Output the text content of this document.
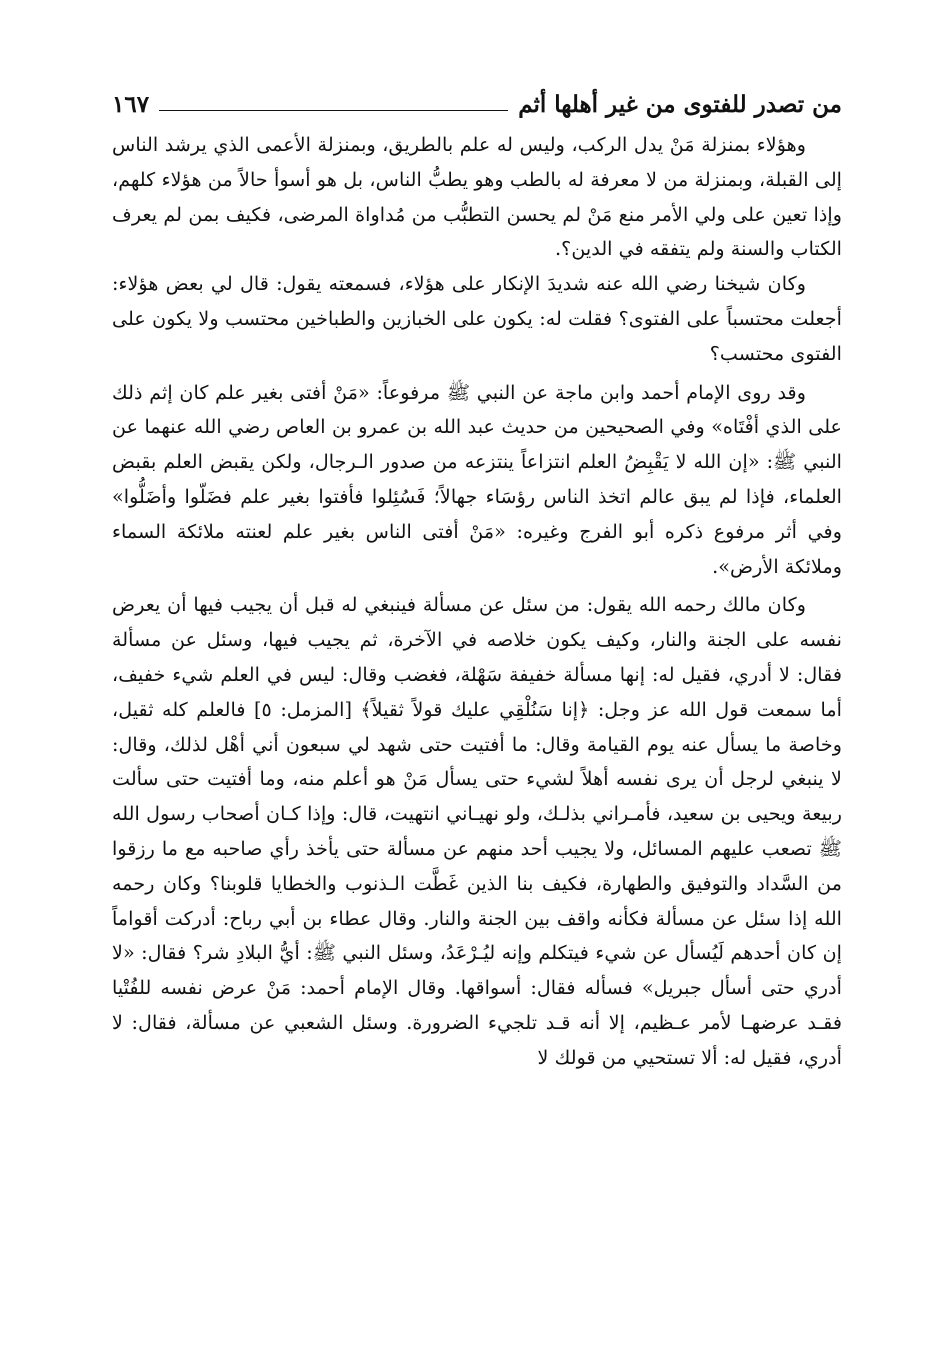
من تصدر للفتوى من غير أهلها أثم
١٦٧

وهؤلاء بمنزلة مَنْ يدل الركب، وليس له علم بالطريق، وبمنزلة الأعمى الذي يرشد الناس إلى القبلة، وبمنزلة من لا معرفة له بالطب وهو يطبُّ الناس، بل هو أسوأ حالاً من هؤلاء كلهم، وإذا تعين على ولي الأمر منع مَنْ لم يحسن التطبُّب من مُداواة المرضى، فكيف بمن لم يعرف الكتاب والسنة ولم يتفقه في الدين؟.

وكان شيخنا رضي الله عنه شديدَ الإنكار على هؤلاء، فسمعته يقول: قال لي بعض هؤلاء: أجعلت محتسباً على الفتوى؟ فقلت له: يكون على الخبازين والطباخين محتسب ولا يكون على الفتوى محتسب؟

وقد روى الإمام أحمد وابن ماجة عن النبي ﷺ مرفوعاً: «مَنْ أفتى بغير علم كان إثم ذلك على الذي أفْتَاه» وفي الصحيحين من حديث عبد الله بن عمرو بن العاص رضي الله عنهما عن النبي ﷺ: «إن الله لا يَقْبِضُ العلم انتزاعاً ينتزعه من صدور الـرجال، ولكن يقبض العلم بقبض العلماء، فإذا لم يبق عالم اتخذ الناس رؤسَاء جهالاً؛ فَسُئِلوا فأفتوا بغير علم فضَلّوا وأضَلُّوا» وفي أثر مرفوع ذكره أبو الفرج وغيره: «مَنْ أفتى الناس بغير علم لعنته ملائكة السماء وملائكة الأرض».

وكان مالك رحمه الله يقول: من سئل عن مسألة فينبغي له قبل أن يجيب فيها أن يعرض نفسه على الجنة والنار، وكيف يكون خلاصه في الآخرة، ثم يجيب فيها، وسئل عن مسألة فقال: لا أدري، فقيل له: إنها مسألة خفيفة سَهْلة، فغضب وقال: ليس في العلم شيء خفيف، أما سمعت قول الله عز وجل: ﴿إنا سَنُلْقِي عليك قولاً ثقيلاً﴾ [المزمل: ٥] فالعلم كله ثقيل، وخاصة ما يسأل عنه يوم القيامة وقال: ما أفتيت حتى شهد لي سبعون أني أهْل لذلك، وقال: لا ينبغي لرجل أن يرى نفسه أهلاً لشيء حتى يسأل مَنْ هو أعلم منه، وما أفتيت حتى سألت ربيعة ويحيى بن سعيد، فأمـراني بذلـك، ولو نهيـاني انتهيت، قال: وإذا كـان أصحاب رسول الله ﷺ تصعب عليهم المسائل، ولا يجيب أحد منهم عن مسألة حتى يأخذ رأي صاحبه مع ما رزقوا من السَّداد والتوفيق والطهارة، فكيف بنا الذين غَطَّت الـذنوب والخطايا قلوبنا؟ وكان رحمه الله إذا سئل عن مسألة فكأنه واقف بين الجنة والنار. وقال عطاء بن أبي رباح: أدركت أقواماً إن كان أحدهم لَيُسأل عن شيء فيتكلم وإنه ليُـرْعَدُ، وسئل النبي ﷺ: أيُّ البلادِ شر؟ فقال: «لا أدري حتى أسأل جبريل» فسأله فقال: أسواقها. وقال الإمام أحمد: مَنْ عرض نفسه للفُتْيا فقـد عرضهـا لأمر عـظيم، إلا أنه قـد تلجيء الضرورة. وسئل الشعبي عن مسألة، فقال: لا أدري، فقيل له: ألا تستحيي من قولك لا
